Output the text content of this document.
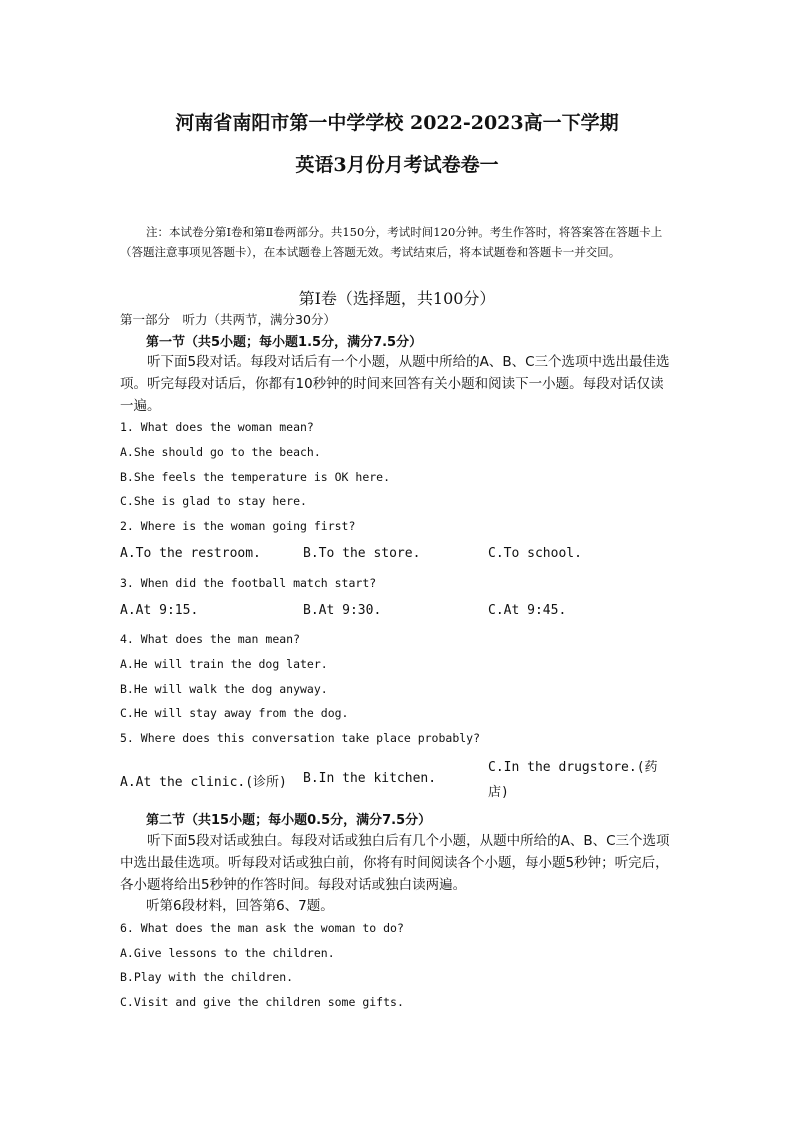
河南省南阳市第一中学学校 2022-2023高一下学期
英语3月份月考试卷卷一
注：本试卷分第Ⅰ卷和第Ⅱ卷两部分。共150分，考试时间120分钟。考生作答时，将答案答在答题卡上（答题注意事项见答题卡），在本试题卷上答题无效。考试结束后，将本试题卷和答题卡一并交回。
第Ⅰ卷（选择题，共100分）
第一部分　听力（共两节，满分30分）
第一节（共5小题；每小题1.5分，满分7.5分）
听下面5段对话。每段对话后有一个小题，从题中所给的A、B、C三个选项中选出最佳选项。听完每段对话后，你都有10秒钟的时间来回答有关小题和阅读下一小题。每段对话仅读一遍。
1. What does the woman mean?
A.She should go to the beach.
B.She feels the temperature is OK here.
C.She is glad to stay here.
2. Where is the woman going first?
A.To the restroom.	B.To the store.	C.To school.
3. When did the football match start?
A.At 9:15.	B.At 9:30.	C.At 9:45.
4. What does the man mean?
A.He will train the dog later.
B.He will walk the dog anyway.
C.He will stay away from the dog.
5. Where does this conversation take place probably?
A.At the clinic.(诊所) B.In the kitchen.
C.In the drugstore.(药店)
第二节（共15小题；每小题0.5分，满分7.5分）
听下面5段对话或独白。每段对话或独白后有几个小题，从题中所给的A、B、C三个选项中选出最佳选项。听每段对话或独白前，你将有时间阅读各个小题，每小题5秒钟；听完后，各小题将给出5秒钟的作答时间。每段对话或独白读两遍。
听第6段材料，回答第6、7题。
6. What does the man ask the woman to do?
A.Give lessons to the children.
B.Play with the children.
C.Visit and give the children some gifts.
